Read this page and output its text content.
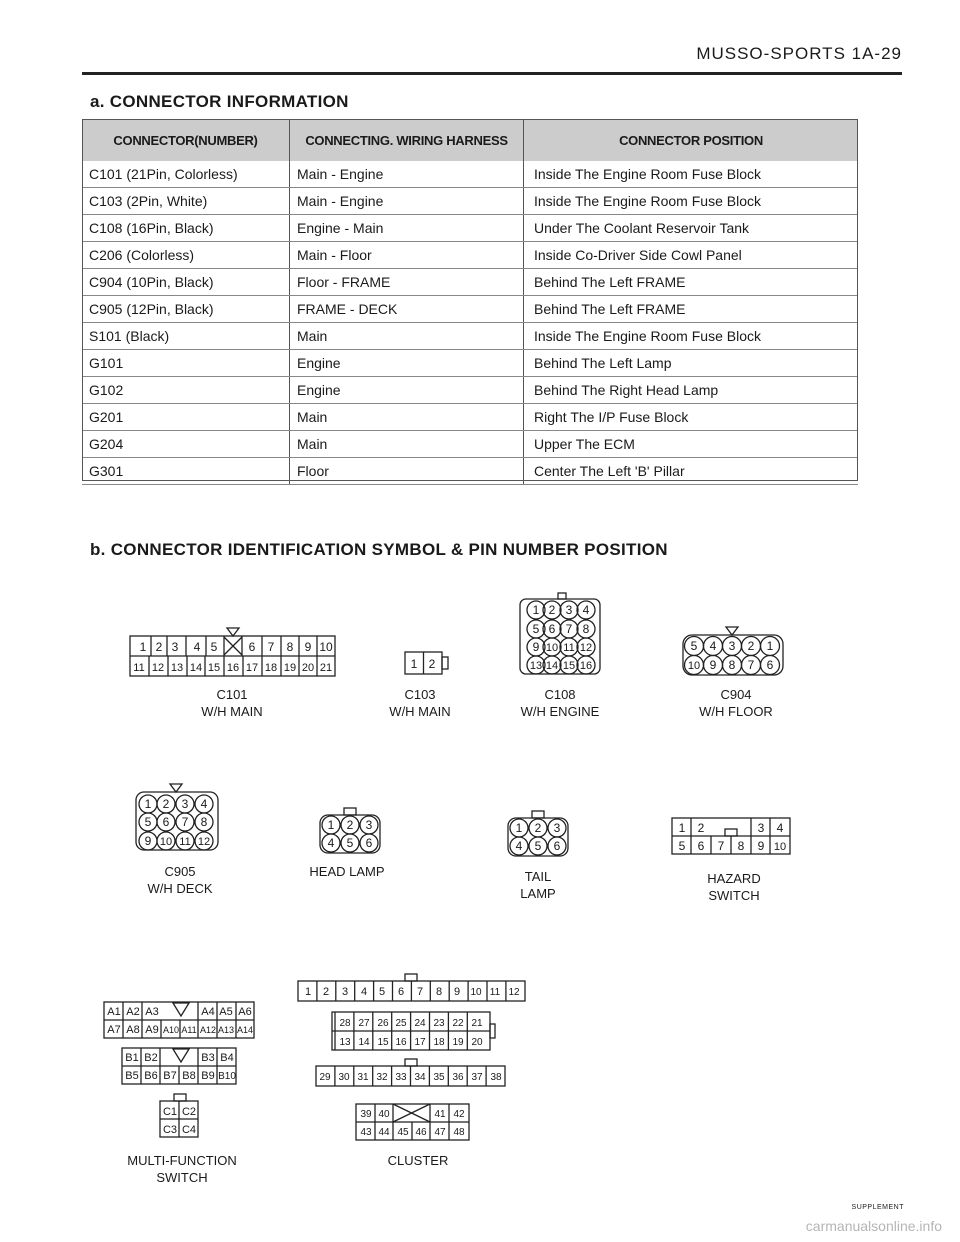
MUSSO-SPORTS 1A-29
a. CONNECTOR INFORMATION
CONNECTOR(NUMBER)	CONNECTING. WIRING HARNESS	CONNECTOR POSITION
C101 (21Pin, Colorless)	Main - Engine	Inside The Engine Room Fuse Block
C103 (2Pin, White)	Main - Engine	Inside The Engine Room Fuse Block
C108 (16Pin, Black)	Engine - Main	Under The Coolant Reservoir Tank
C206 (Colorless)	Main - Floor	Inside Co-Driver Side Cowl Panel
C904 (10Pin, Black)	Floor - FRAME	Behind The Left FRAME
C905 (12Pin, Black)	FRAME - DECK	Behind The Left FRAME
S101 (Black)	Main	Inside The Engine Room Fuse Block
G101	Engine	Behind The Left Lamp
G102	Engine	Behind The Right Head Lamp
G201	Main	Right The I/P Fuse Block
G204	Main	Upper The ECM
G301	Floor	Center The Left 'B' Pillar
b. CONNECTOR IDENTIFICATION SYMBOL & PIN NUMBER POSITION
1 2 3 4 5	6 7 8 9 10
11 12 13 14 15 16 17 18 19 20 21
C101
W/H MAIN
1 2
C103
W/H MAIN
1 2 3 4
5 6 7 8
9 10 11 12
13 14 15 16
C108
W/H ENGINE
5 4 3 2 1
10 9 8 7 6
C904
W/H FLOOR
1 2 3 4
5 6 7 8
9 10 11 12
C905
W/H DECK
1 2 3
4 5 6
HEAD LAMP
1 2 3
4 5 6
TAIL
LAMP
1 2	3 4
5 6 7 8 9 10
HAZARD
SWITCH
A1 A2 A3	A4 A5 A6
A7 A8 A9 A10 A11 A12 A13 A14
B1 B2	B3 B4
B5 B6 B7 B8 B9 B10
C1 C2
C3 C4
MULTI-FUNCTION
SWITCH
1 2 3 4 5 6 7 8 9 10 11 12
28 27 26 25 24 23 22 21
13 14 15 16 17 18 19 20
29 30 31 32 33 34 35 36 37 38
39 40	41 42
43 44 45 46 47 48
CLUSTER
SUPPLEMENT
carmanualsonline.info
